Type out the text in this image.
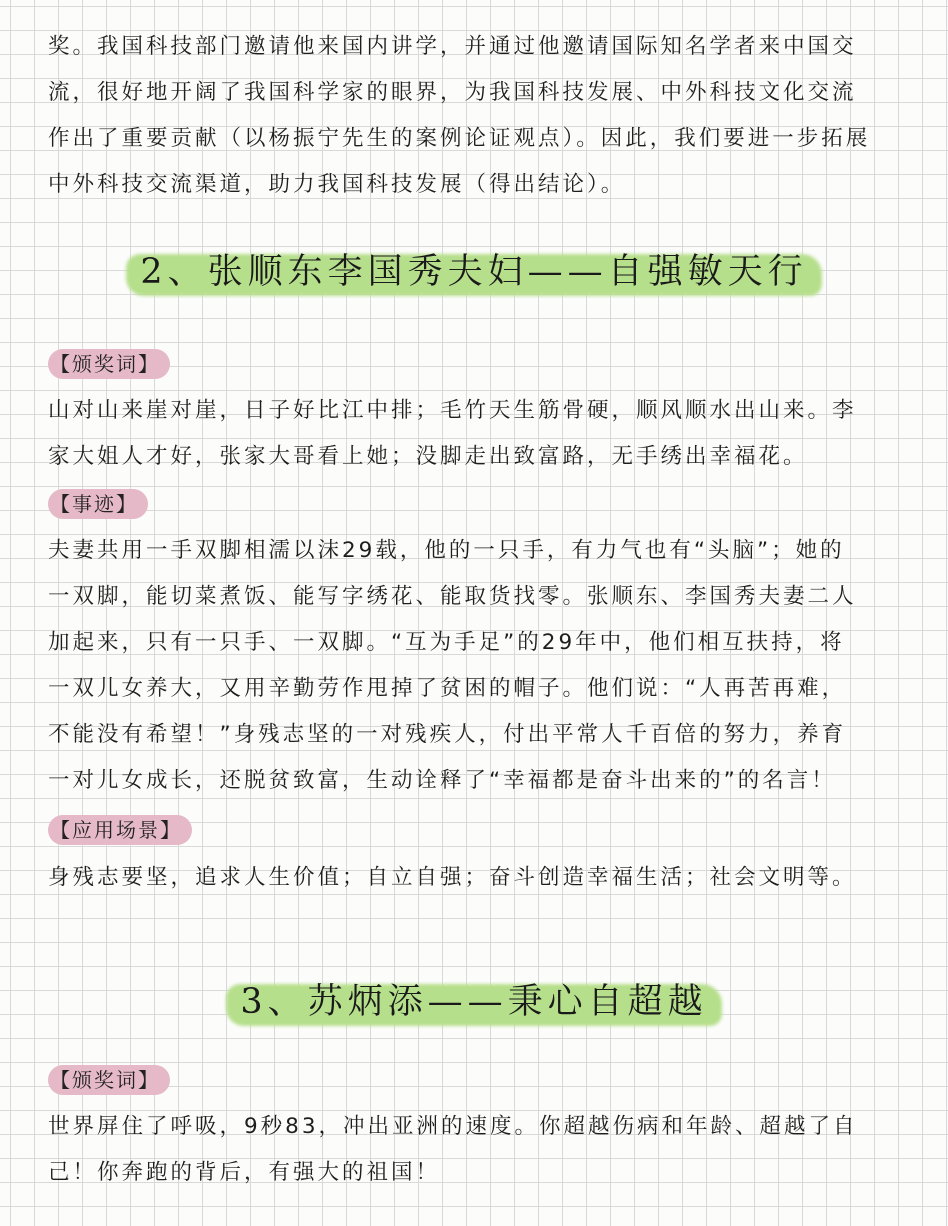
奖。我国科技部门邀请他来国内讲学，并通过他邀请国际知名学者来中国交
流，很好地开阔了我国科学家的眼界，为我国科技发展、中外科技文化交流
作出了重要贡献（以杨振宁先生的案例论证观点）。因此，我们要进一步拓展
中外科技交流渠道，助力我国科技发展（得出结论）。

2、张顺东李国秀夫妇——自强敏天行
【颁奖词】

山对山来崖对崖，日子好比江中排；毛竹天生筋骨硬，顺风顺水出山来。李
家大姐人才好，张家大哥看上她；没脚走出致富路，无手绣出幸福花。

【事迹】

夫妻共用一手双脚相濡以沫29载，他的一只手，有力气也有“头脑”；她的
一双脚，能切菜煮饭、能写字绣花、能取货找零。张顺东、李国秀夫妻二人
加起来，只有一只手、一双脚。“互为手足”的29年中，他们相互扶持，将
一双儿女养大，又用辛勤劳作甩掉了贫困的帽子。他们说：“人再苦再难，
不能没有希望！”身残志坚的一对残疾人，付出平常人千百倍的努力，养育
一对儿女成长，还脱贫致富，生动诠释了“幸福都是奋斗出来的”的名言！

【应用场景】

身残志要坚，追求人生价值；自立自强；奋斗创造幸福生活；社会文明等。

3、苏炳添——秉心自超越
【颁奖词】

世界屏住了呼吸，9秒83，冲出亚洲的速度。你超越伤病和年龄、超越了自
己！你奔跑的背后，有强大的祖国！
